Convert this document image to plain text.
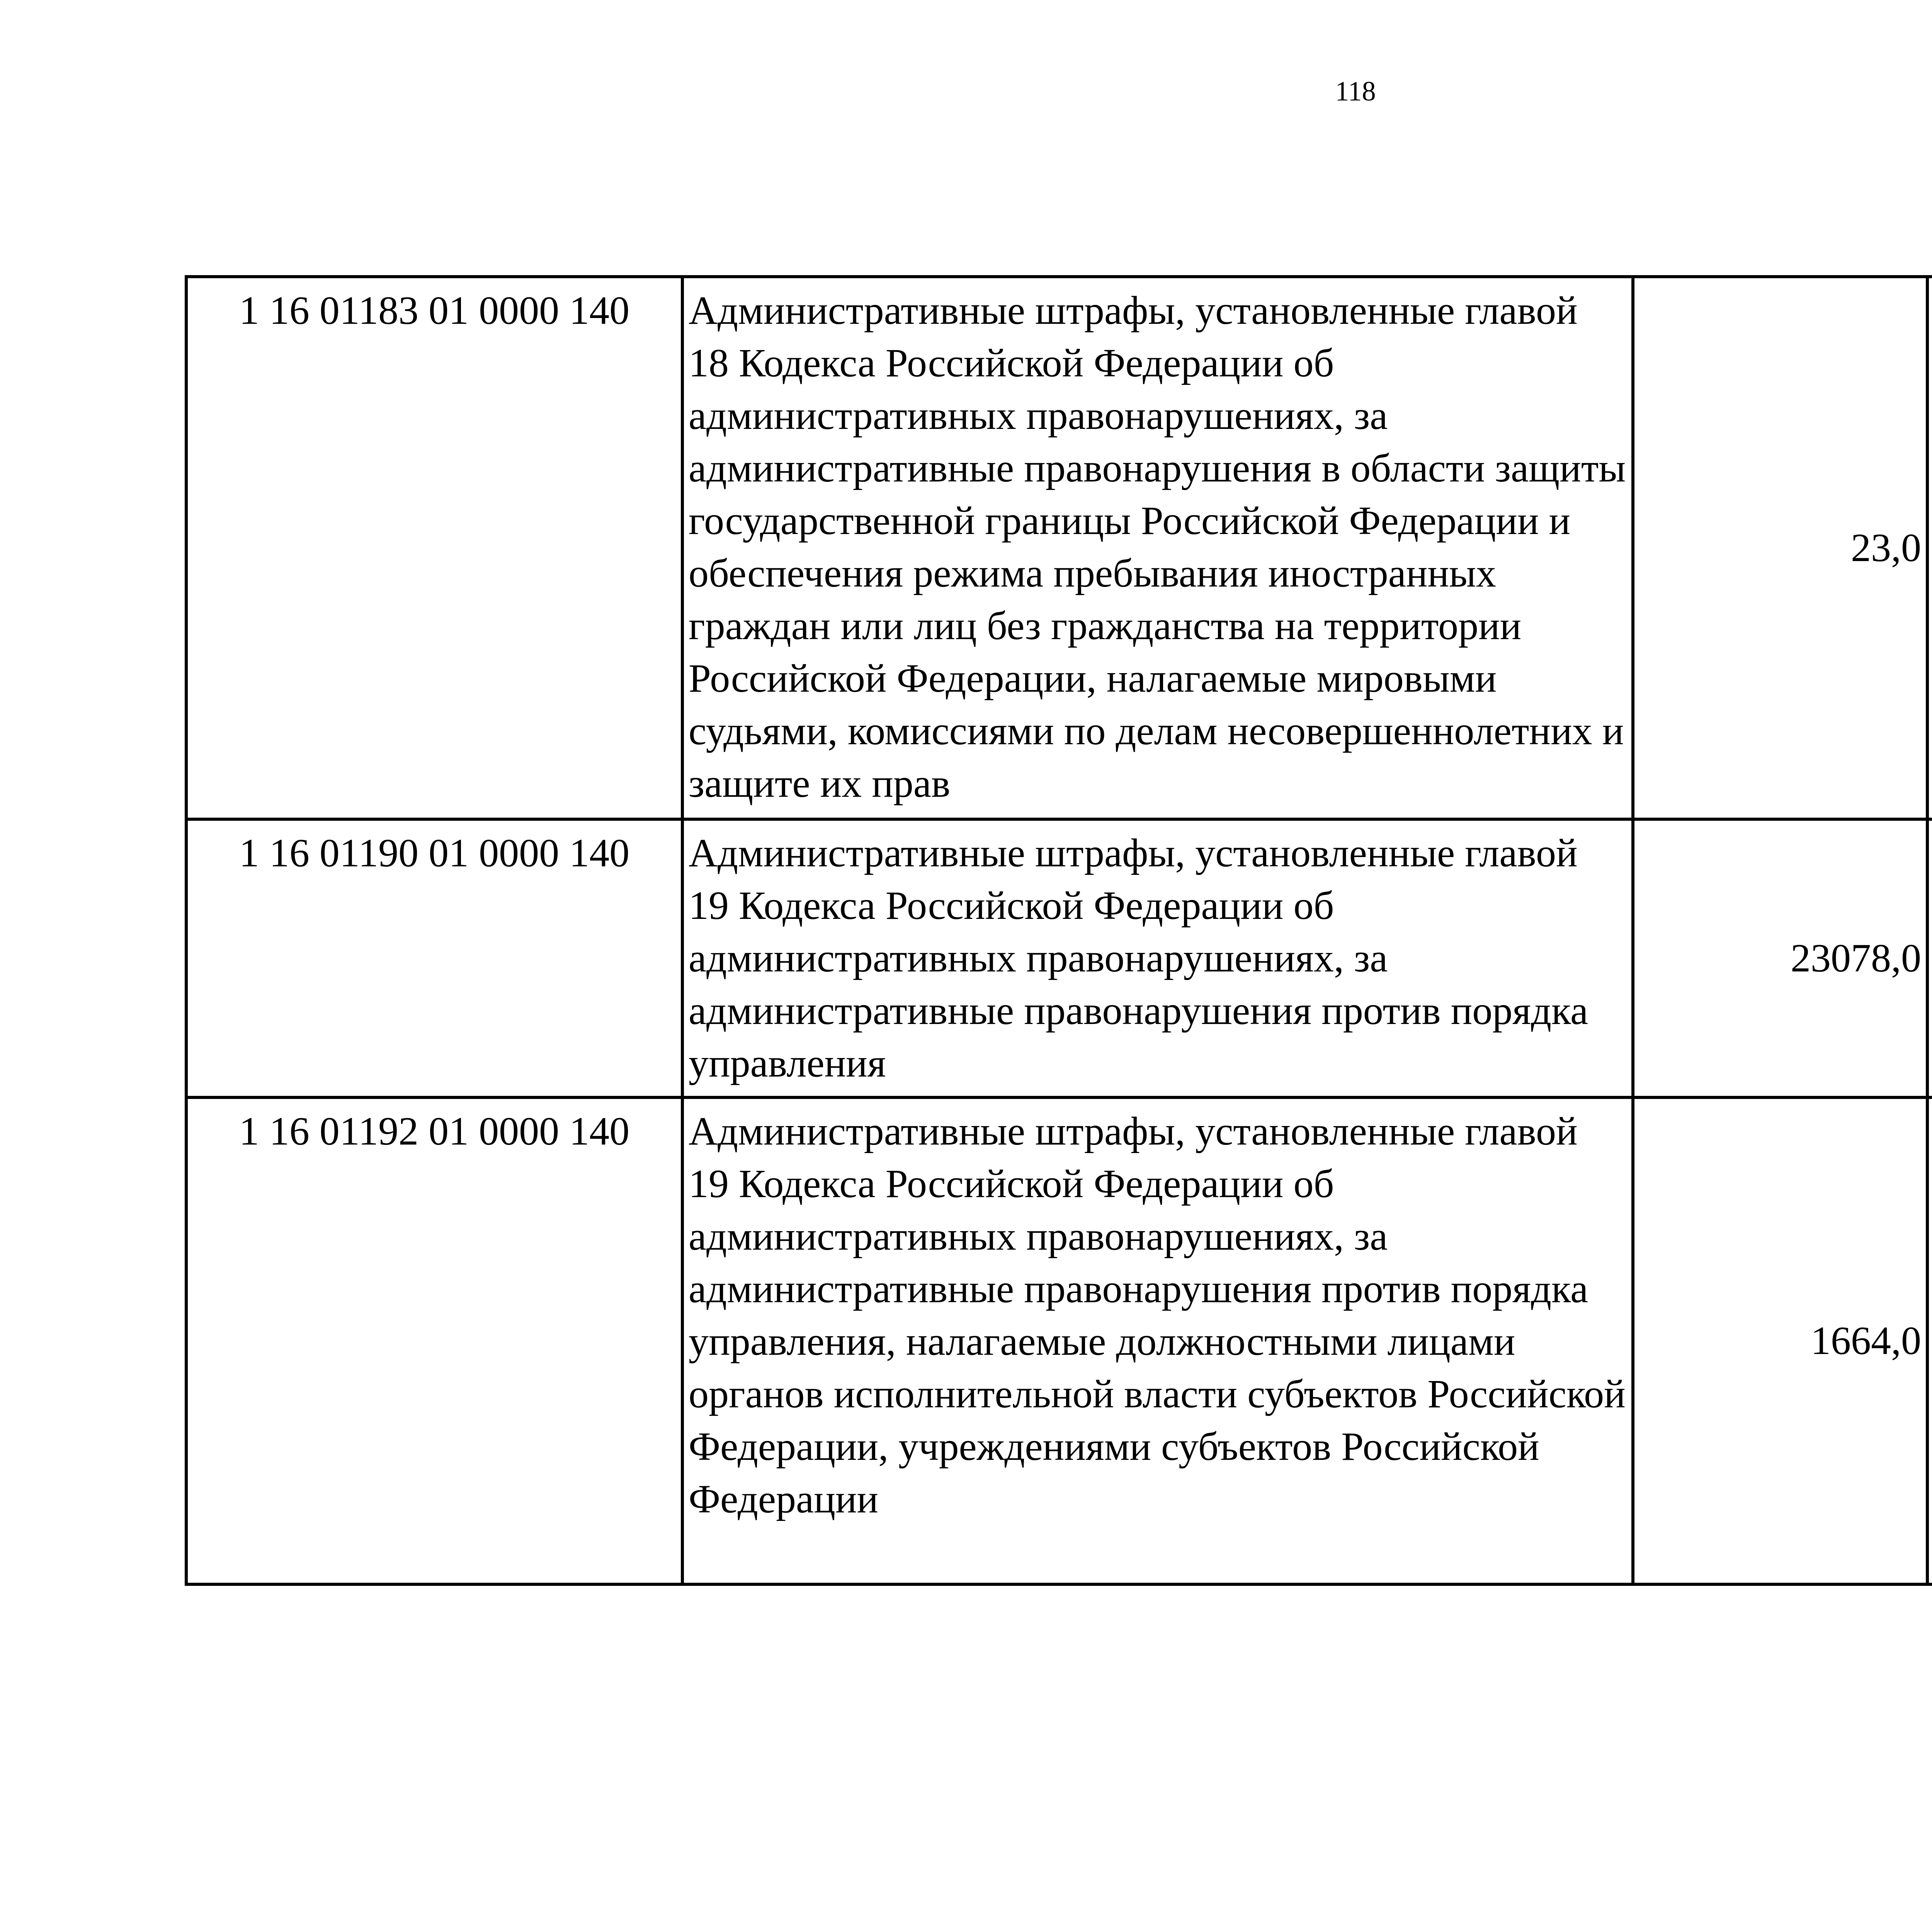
118
1 16 01183 01 0000 140	Административные штрафы, установленные главой 18 Кодекса Российской Федерации об административных правонарушениях, за административные правонарушения в области защиты государственной границы Российской Федерации и обеспечения режима пребывания иностранных граждан или лиц без гражданства на территории Российской Федерации, налагаемые мировыми судьями, комиссиями по делам несовершеннолетних и защите их прав	23,0		
1 16 01190 01 0000 140	Административные штрафы, установленные главой 19 Кодекса Российской Федерации об административных правонарушениях, за административные правонарушения против порядка управления	23078,0		
1 16 01192 01 0000 140	Административные штрафы, установленные главой 19 Кодекса Российской Федерации об административных правонарушениях, за административные правонарушения против порядка управления, налагаемые должностными лицами органов исполнительной власти субъектов Российской Федерации, учреждениями субъектов Российской Федерации	1664,0		
